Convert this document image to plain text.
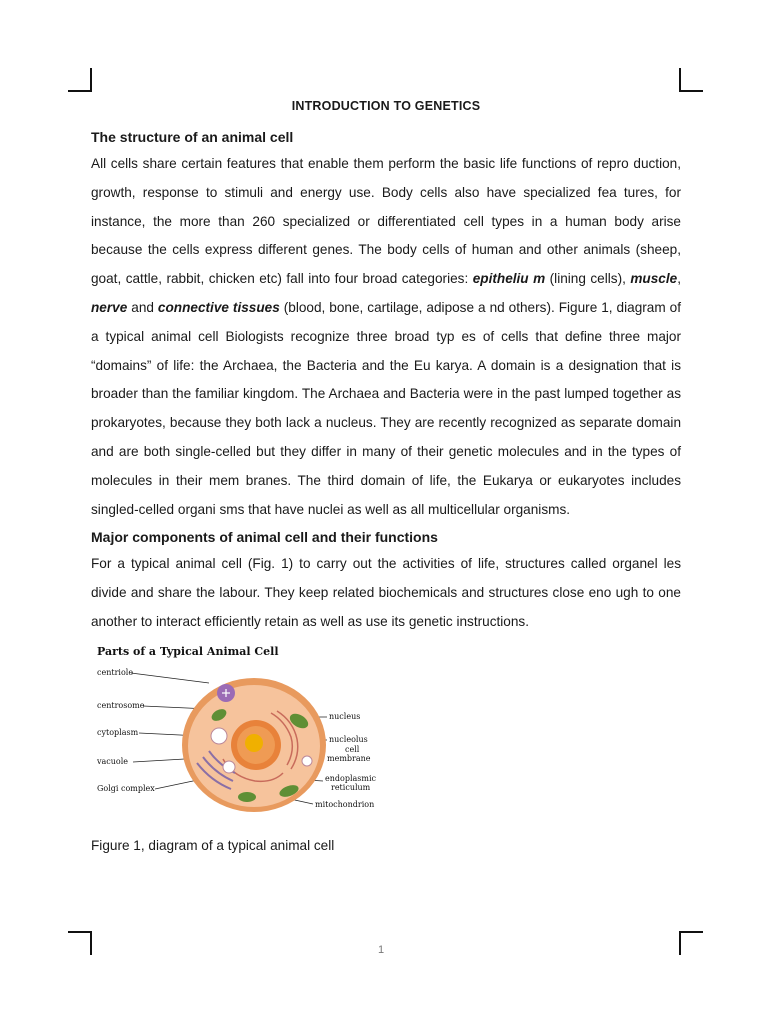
INTRODUCTION TO GENETICS
The structure of an animal cell

All cells share certain features that enable them perform the basic life functions of repro duction, growth, response to stimuli and energy use. Body cells also have specialized fea tures, for instance, the more than 260 specialized or differentiated cell types in a human body arise because the cells express different genes. The body cells of human and other animals (sheep, goat, cattle, rabbit, chicken etc) fall into four broad categories: epitheliu m (lining cells), muscle, nerve and connective tissues (blood, bone, cartilage, adipose a nd others). Figure 1, diagram of a typical animal cell Biologists recognize three broad typ es of cells that define three major “domains” of life: the Archaea, the Bacteria and the Eu karya. A domain is a designation that is broader than the familiar kingdom. The Archaea and Bacteria were in the past lumped together as prokaryotes, because they both lack a nucleus. They are recently recognized as separate domain and are both single-celled but they differ in many of their genetic molecules and in the types of molecules in their mem branes. The third domain of life, the Eukarya or eukaryotes includes singled-celled organi sms that have nuclei as well as all multicellular organisms.

Major components of animal cell and their functions

For a typical animal cell (Fig. 1) to carry out the activities of life, structures called organel les divide and share the labour. They keep related biochemicals and structures close eno ugh to one another to interact efficiently retain as well as use its genetic instructions.

Parts of a Typical Animal Cell
centriole
centrosome
cytoplasm
vacuole
Golgi complex
nucleus
nucleolus
cell
membrane
endoplasmic
reticulum
mitochondrion
Figure 1, diagram of a typical animal cell
1
